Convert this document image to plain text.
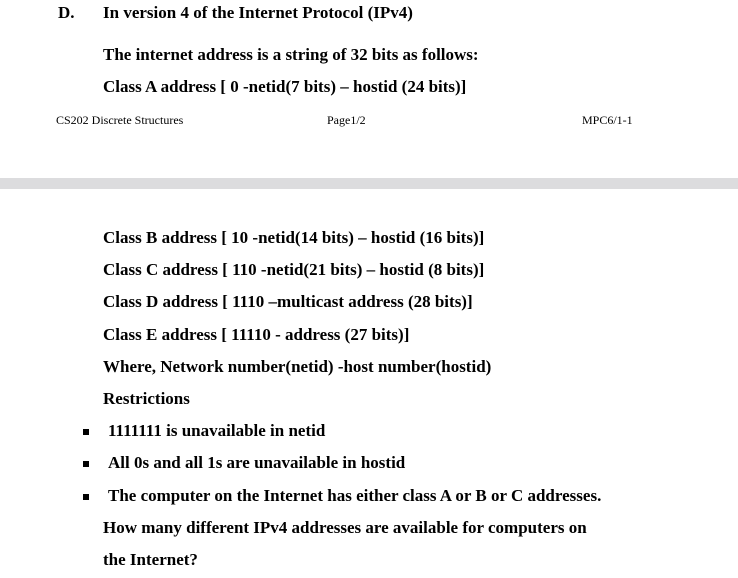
D. In version 4 of the Internet Protocol (IPv4)
The internet address is a string of 32 bits as follows:
Class A address [ 0 -netid(7 bits) – hostid (24 bits)]
CS202 Discrete Structures	Page1/2	MPC6/1-1
Class B address [ 10 -netid(14 bits) – hostid (16 bits)]
Class C address [ 110 -netid(21 bits) – hostid (8 bits)]
Class D address [ 1110 –multicast address (28 bits)]
Class E address [ 11110 - address (27 bits)]
Where, Network number(netid) -host number(hostid)
Restrictions
1111111 is unavailable in netid
All 0s and all 1s are unavailable in hostid
The computer on the Internet has either class A or B or C addresses.
How many different IPv4 addresses are available for computers on
the Internet?
